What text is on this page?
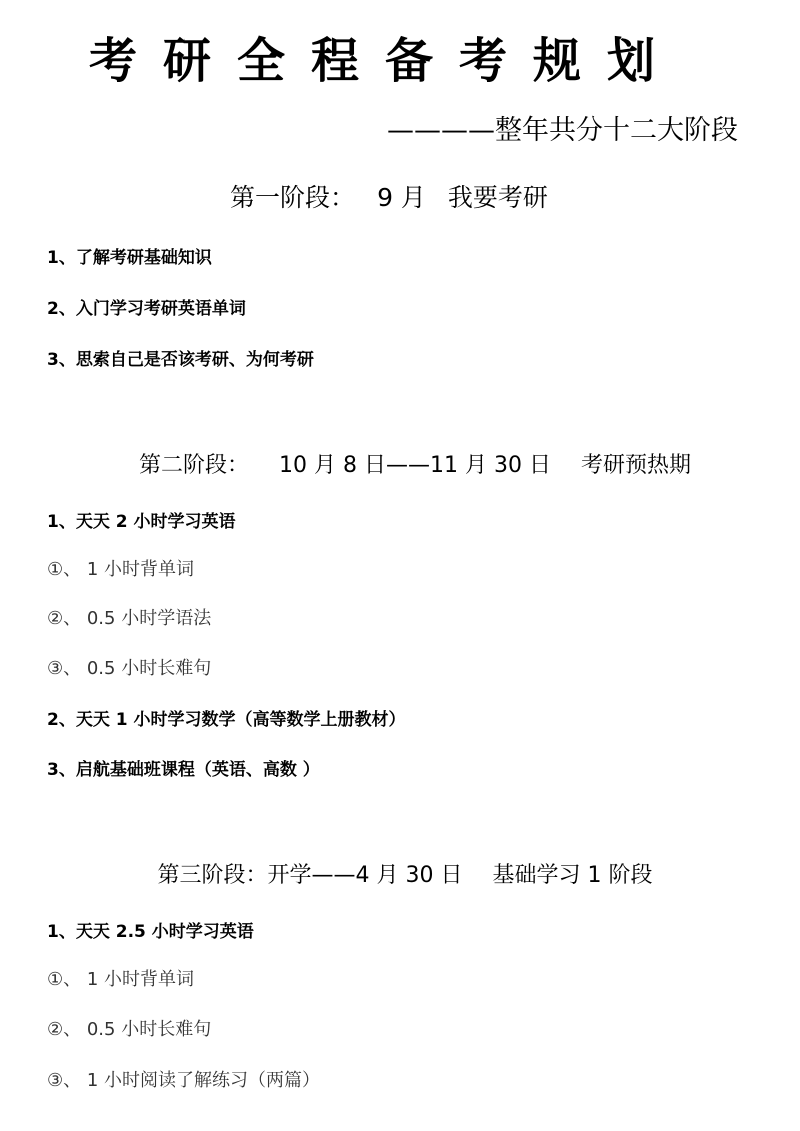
考研全程备考规划
————整年共分十二大阶段
第一阶段： 9 月 我要考研
1、了解考研基础知识
2、入门学习考研英语单词
3、思索自己是否该考研、为何考研
第二阶段： 10 月 8 日——11 月 30 日 考研预热期
1、天天 2 小时学习英语
①、 1 小时背单词
②、 0.5 小时学语法
③、 0.5 小时长难句
2、天天 1 小时学习数学（高等数学上册教材）
3、启航基础班课程（英语、高数 ）
第三阶段：开学——4 月 30 日 基础学习 1 阶段
1、天天 2.5 小时学习英语
①、 1 小时背单词
②、 0.5 小时长难句
③、 1 小时阅读了解练习（两篇）
